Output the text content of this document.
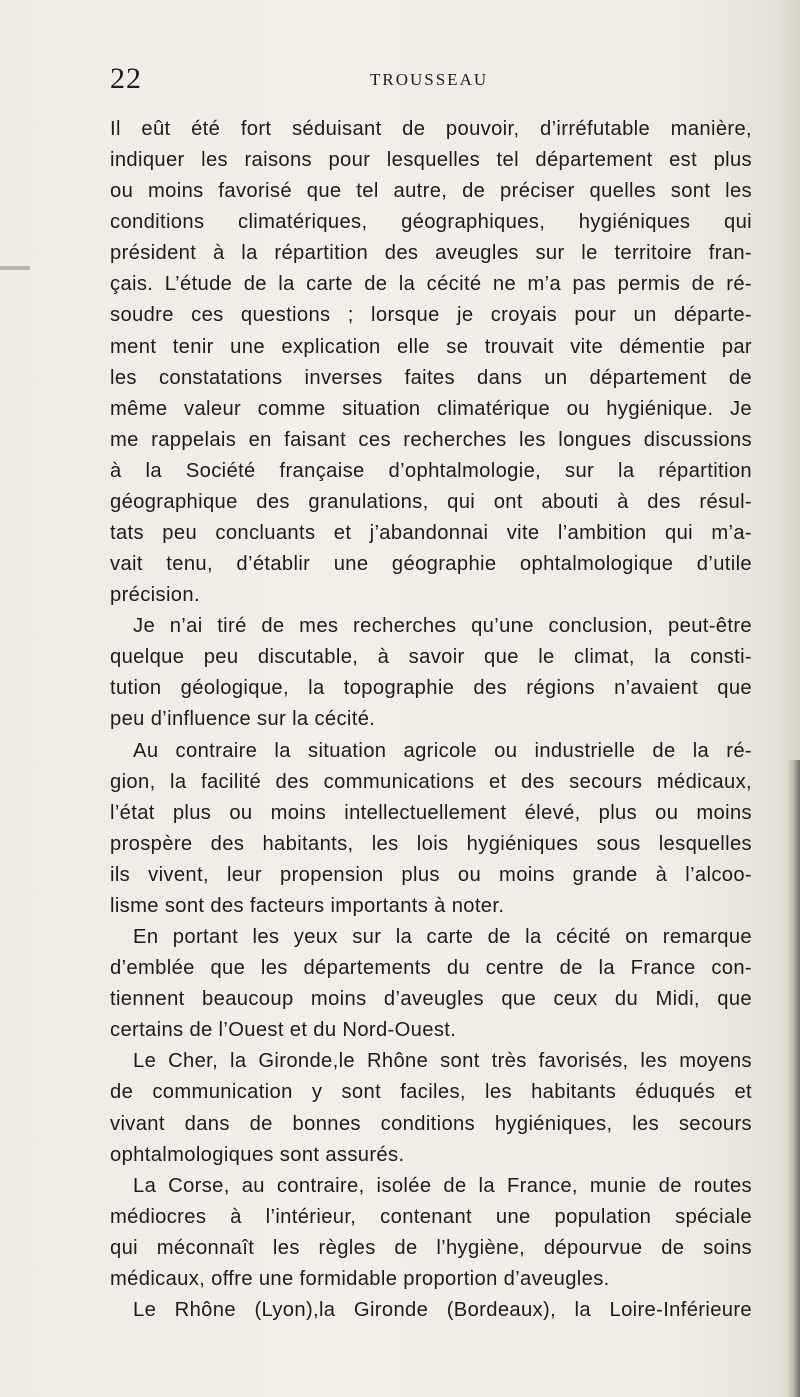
22	TROUSSEAU
Il eût été fort séduisant de pouvoir, d’irréfutable manière,
indiquer les raisons pour lesquelles tel département est plus
ou moins favorisé que tel autre, de préciser quelles sont les
conditions climatériques, géographiques, hygiéniques qui
président à la répartition des aveugles sur le territoire fran-
çais. L’étude de la carte de la cécité ne m’a pas permis de ré-
soudre ces questions ; lorsque je croyais pour un départe-
ment tenir une explication elle se trouvait vite démentie par
les constatations inverses faites dans un département de
même valeur comme situation climatérique ou hygiénique. Je
me rappelais en faisant ces recherches les longues discussions
à la Société française d’ophtalmologie, sur la répartition
géographique des granulations, qui ont abouti à des résul-
tats peu concluants et j’abandonnai vite l’ambition qui m’a-
vait tenu, d’établir une géographie ophtalmologique d’utile
précision.
Je n’ai tiré de mes recherches qu’une conclusion, peut-être
quelque peu discutable, à savoir que le climat, la consti-
tution géologique, la topographie des régions n’avaient que
peu d’influence sur la cécité.
Au contraire la situation agricole ou industrielle de la ré-
gion, la facilité des communications et des secours médicaux,
l’état plus ou moins intellectuellement élevé, plus ou moins
prospère des habitants, les lois hygiéniques sous lesquelles
ils vivent, leur propension plus ou moins grande à l’alcoo-
lisme sont des facteurs importants à noter.
En portant les yeux sur la carte de la cécité on remarque
d’emblée que les départements du centre de la France con-
tiennent beaucoup moins d’aveugles que ceux du Midi, que
certains de l’Ouest et du Nord-Ouest.
Le Cher, la Gironde,le Rhône sont très favorisés, les moyens
de communication y sont faciles, les habitants éduqués et
vivant dans de bonnes conditions hygiéniques, les secours
ophtalmologiques sont assurés.
La Corse, au contraire, isolée de la France, munie de routes
médiocres à l’intérieur, contenant une population spéciale
qui méconnaît les règles de l’hygiène, dépourvue de soins
médicaux, offre une formidable proportion d’aveugles.
Le Rhône (Lyon),la Gironde (Bordeaux), la Loire-Inférieure
